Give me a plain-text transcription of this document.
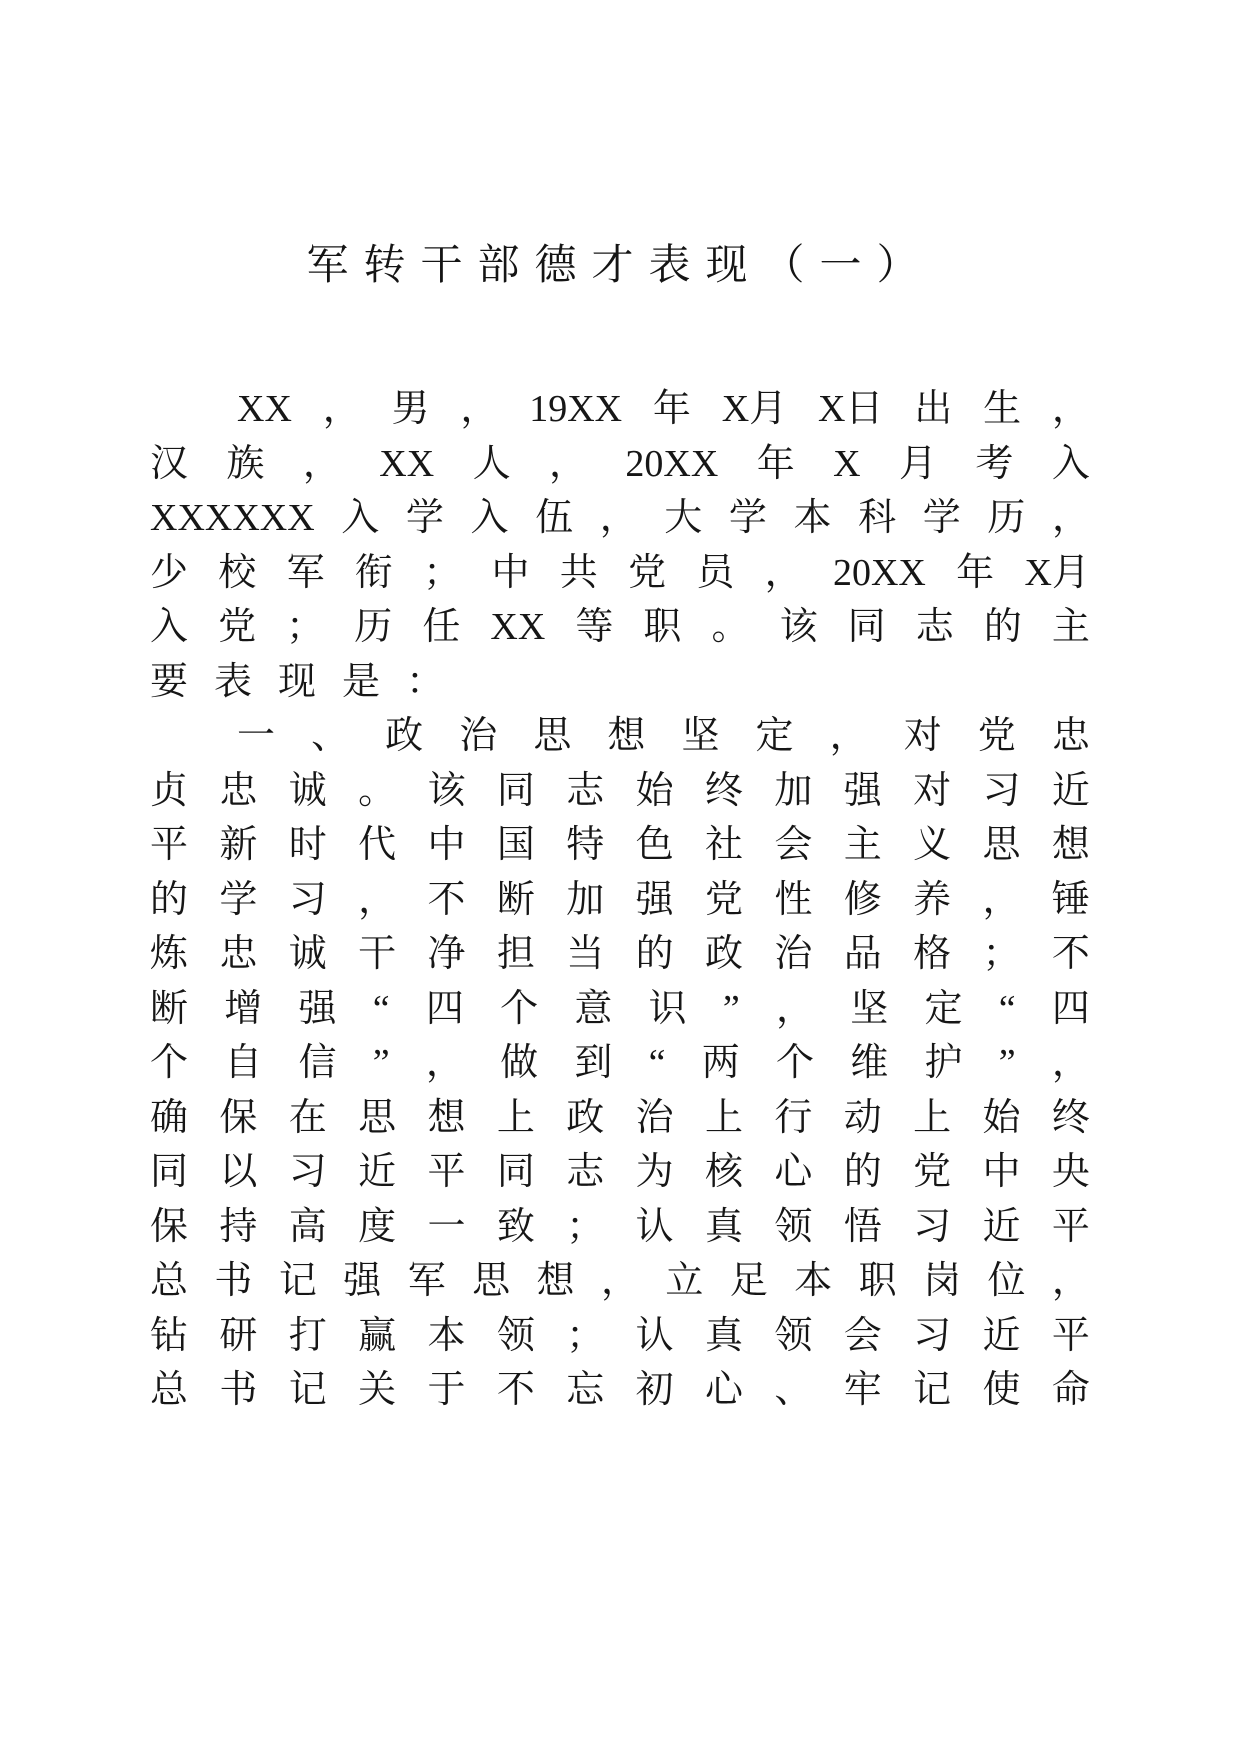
军转干部德才表现（一）
XX ， 男 ， 19XX 年 X月 X日 出 生 ，
汉 族 ， XX 人 ， 20XX 年 X 月 考 入
XXXXXX 入 学 入 伍 ， 大 学 本 科 学 历 ，
少 校 军 衔 ； 中 共 党 员 ， 20XX 年 X月
入 党 ； 历 任 XX 等 职 。 该 同 志 的 主
要 表 现 是 ：
一 、 政 治 思 想 坚 定 ， 对 党 忠
贞 忠 诚 。 该 同 志 始 终 加 强 对 习 近
平 新 时 代 中 国 特 色 社 会 主 义 思 想
的 学 习 ， 不 断 加 强 党 性 修 养 ， 锤
炼 忠 诚 干 净 担 当 的 政 治 品 格 ； 不
断 增 强 “ 四 个 意 识 ” ， 坚 定 “ 四
个 自 信 ” ， 做 到 “ 两 个 维 护 ” ，
确 保 在 思 想 上 政 治 上 行 动 上 始 终
同 以 习 近 平 同 志 为 核 心 的 党 中 央
保 持 高 度 一 致 ； 认 真 领 悟 习 近 平
总 书 记 强 军 思 想 ， 立 足 本 职 岗 位 ，
钻 研 打 赢 本 领 ； 认 真 领 会 习 近 平
总 书 记 关 于 不 忘 初 心 、 牢 记 使 命
